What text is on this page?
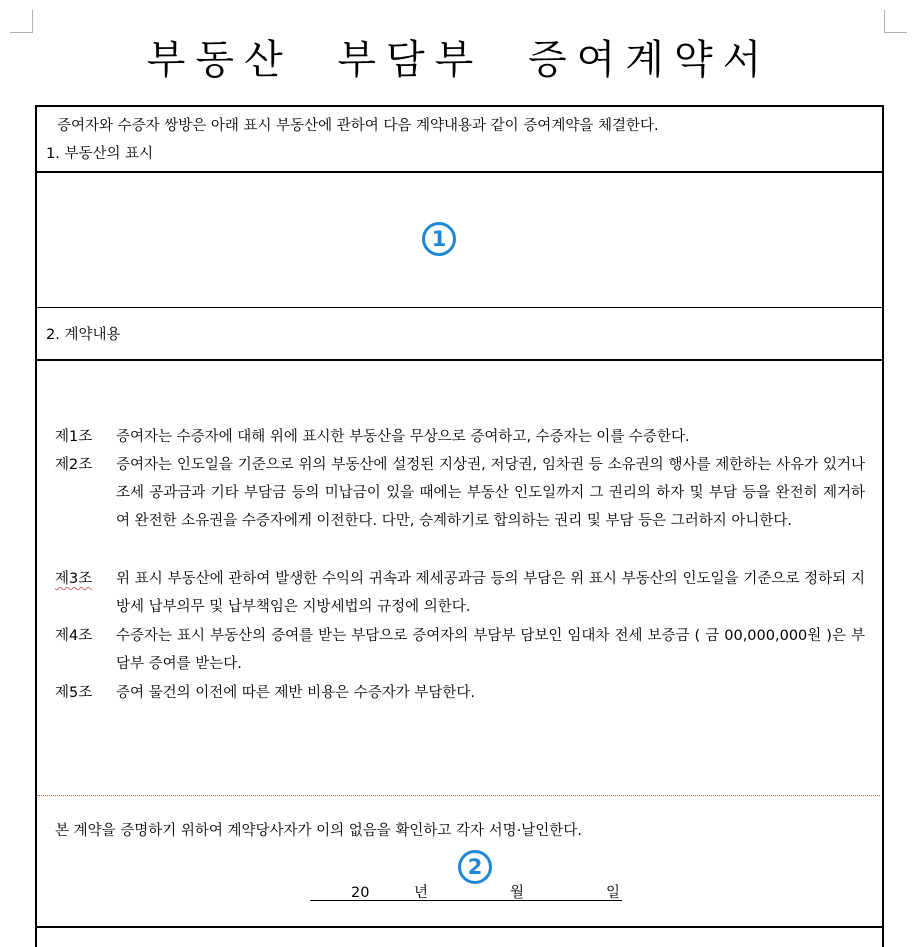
부동산 부담부 증여계약서
증여자와 수증자 쌍방은 아래 표시 부동산에 관하여 다음 계약내용과 같이 증여계약을 체결한다.
1. 부동산의 표시
1
2. 계약내용
제1조	증여자는 수증자에 대해 위에 표시한 부동산을 무상으로 증여하고, 수증자는 이를 수증한다.
제2조	증여자는 인도일을 기준으로 위의 부동산에 설정된 지상권, 저당권, 임차권 등 소유권의 행사를 제한하는 사유가 있거나 조세 공과금과 기타 부담금 등의 미납금이 있을 때에는 부동산 인도일까지 그 권리의 하자 및 부담 등을 완전히 제거하여 완전한 소유권을 수증자에게 이전한다. 다만, 승계하기로 합의하는 권리 및 부담 등은 그러하지 아니한다.
제3조	위 표시 부동산에 관하여 발생한 수익의 귀속과 제세공과금 등의 부담은 위 표시 부동산의 인도일을 기준으로 정하되 지방세 납부의무 및 납부책임은 지방세법의 규정에 의한다.
제4조	수증자는 표시 부동산의 증여를 받는 부담으로 증여자의 부담부 담보인 임대차 전세 보증금 ( 금 00,000,000원 )은 부담부 증여를 받는다.
제5조	증여 물건의 이전에 따른 제반 비용은 수증자가 부담한다.
본 계약을 증명하기 위하여 계약당사자가 이의 없음을 확인하고 각자 서명·날인한다.
2
20	년	월	일
